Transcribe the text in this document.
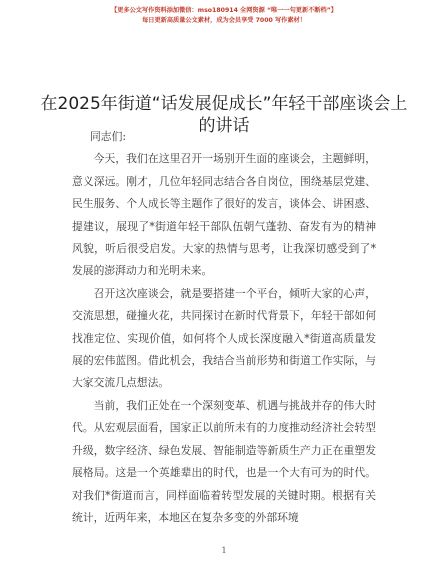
【更多公文写作资料添加微信：mso180914 全网资源 “唯一一句更新不断档”】
每日更新高质量公文素材，成为会员享受 7000 写作素材！
在2025年街道“话发展促成长”年轻干部座谈会上的讲话

同志们:

今天，我们在这里召开一场别开生面的座谈会，主题鲜明，意义深远。刚才，几位年轻同志结合各自岗位，围绕基层党建、民生服务、个人成长等主题作了很好的发言，谈体会、讲困惑、提建议，展现了*街道年轻干部队伍朝气蓬勃、奋发有为的精神风貌，听后很受启发。大家的热情与思考，让我深切感受到了*发展的澎湃动力和光明未来。

召开这次座谈会，就是要搭建一个平台，倾听大家的心声，交流思想，碰撞火花，共同探讨在新时代背景下，年轻干部如何找准定位、实现价值，如何将个人成长深度融入*街道高质量发展的宏伟蓝图。借此机会，我结合当前形势和街道工作实际，与大家交流几点想法。

当前，我们正处在一个深刻变革、机遇与挑战并存的伟大时代。从宏观层面看，国家正以前所未有的力度推动经济社会转型升级，数字经济、绿色发展、智能制造等新质生产力正在重塑发展格局。这是一个英雄辈出的时代，也是一个大有可为的时代。对我们*街道而言，同样面临着转型发展的关键时期。根据有关统计，近两年来，本地区在复杂多变的外部环境

1
